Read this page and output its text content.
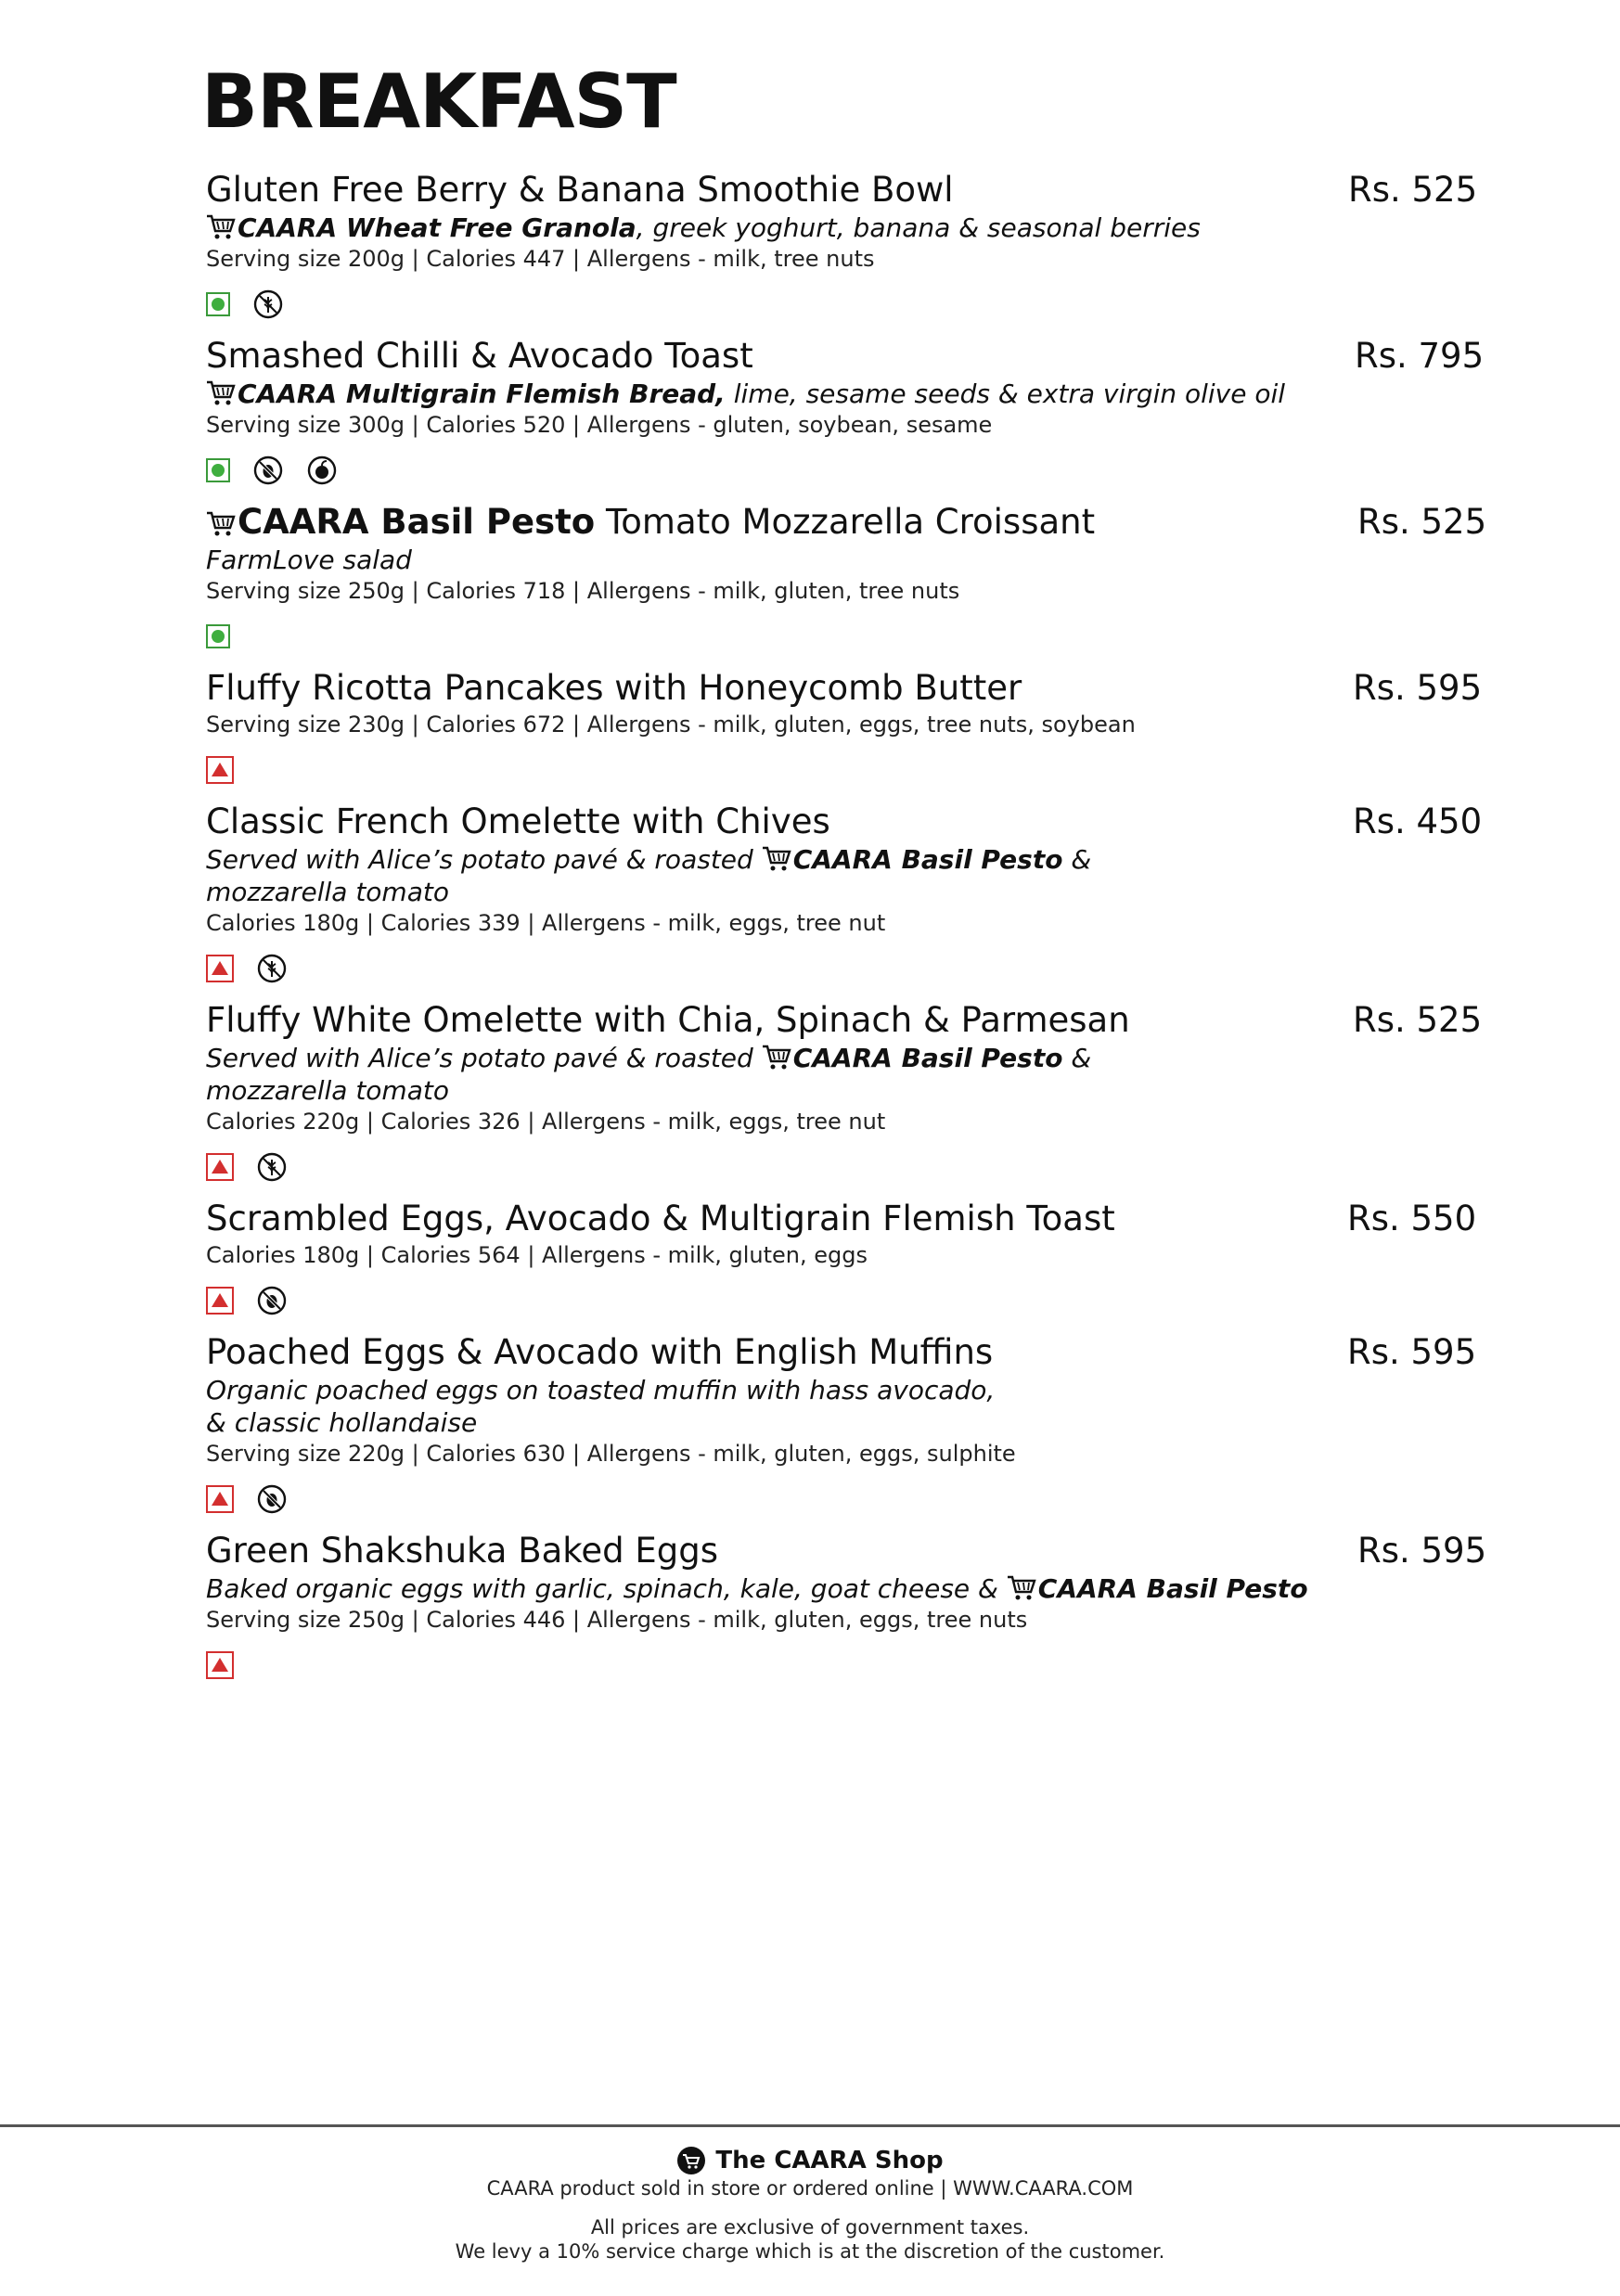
BREAKFAST
Gluten Free Berry & Banana Smoothie Bowl	Rs. 525
CAARA Wheat Free Granola, greek yoghurt, banana & seasonal berries
Serving size 200g | Calories 447 | Allergens - milk, tree nuts
Smashed Chilli & Avocado Toast	Rs. 795
CAARA Multigrain Flemish Bread, lime, sesame seeds & extra virgin olive oil
Serving size 300g | Calories 520 | Allergens - gluten, soybean, sesame
CAARA Basil Pesto Tomato Mozzarella Croissant	Rs. 525
FarmLove salad
Serving size 250g | Calories 718 | Allergens - milk, gluten, tree nuts
Fluffy Ricotta Pancakes with Honeycomb Butter	Rs. 595
Serving size 230g | Calories 672 | Allergens - milk, gluten, eggs, tree nuts, soybean
Classic French Omelette with Chives	Rs. 450
Served with Alice’s potato pavé & roasted CAARA Basil Pesto &
mozzarella tomato
Calories 180g | Calories 339 | Allergens - milk, eggs, tree nut
Fluffy White Omelette with Chia, Spinach & Parmesan	Rs. 525
Served with Alice’s potato pavé & roasted CAARA Basil Pesto &
mozzarella tomato
Calories 220g | Calories 326 | Allergens - milk, eggs, tree nut
Scrambled Eggs, Avocado & Multigrain Flemish Toast	Rs. 550
Calories 180g | Calories 564 | Allergens - milk, gluten, eggs
Poached Eggs & Avocado with English Muffins	Rs. 595
Organic poached eggs on toasted muffin with hass avocado,
& classic hollandaise
Serving size 220g | Calories 630 | Allergens - milk, gluten, eggs, sulphite
Green Shakshuka Baked Eggs	Rs. 595
Baked organic eggs with garlic, spinach, kale, goat cheese & CAARA Basil Pesto
Serving size 250g | Calories 446 | Allergens - milk, gluten, eggs, tree nuts
The CAARA Shop
CAARA product sold in store or ordered online | WWW.CAARA.COM
All prices are exclusive of government taxes.
We levy a 10% service charge which is at the discretion of the customer.
